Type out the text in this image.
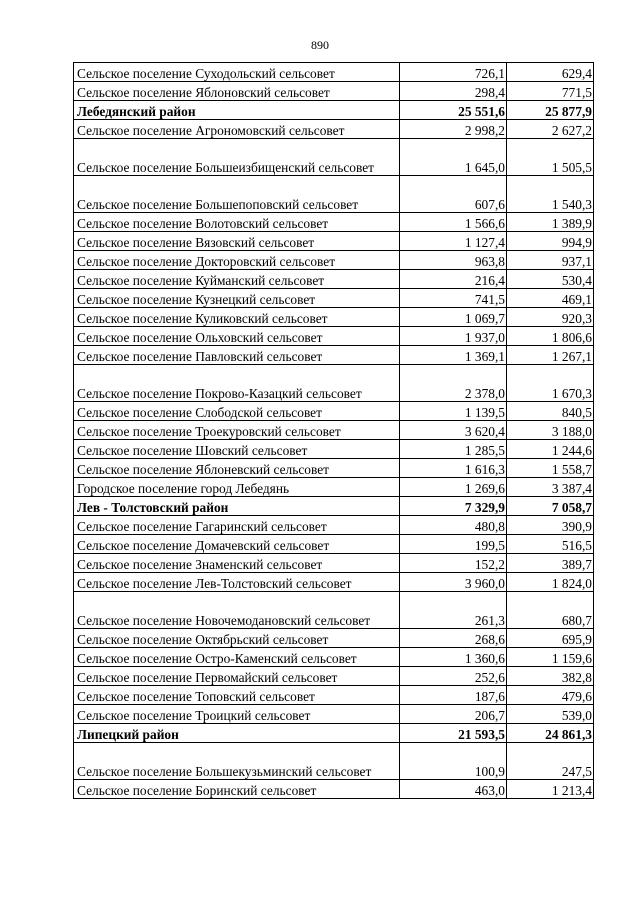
890
Сельское поселение Суходольский сельсовет	726,1	629,4
Сельское поселение Яблоновский сельсовет	298,4	771,5
Лебедянский район	25 551,6	25 877,9
Сельское поселение Агрономовский сельсовет	2 998,2	2 627,2
Сельское поселение Большеизбищенский сельсовет	1 645,0	1 505,5
Сельское поселение Большепоповский сельсовет	607,6	1 540,3
Сельское поселение Волотовский сельсовет	1 566,6	1 389,9
Сельское поселение Вязовский сельсовет	1 127,4	994,9
Сельское поселение Докторовский сельсовет	963,8	937,1
Сельское поселение Куйманский сельсовет	216,4	530,4
Сельское поселение Кузнецкий сельсовет	741,5	469,1
Сельское поселение Куликовский сельсовет	1 069,7	920,3
Сельское поселение Ольховский сельсовет	1 937,0	1 806,6
Сельское поселение Павловский сельсовет	1 369,1	1 267,1
Сельское поселение Покрово-Казацкий сельсовет	2 378,0	1 670,3
Сельское поселение Слободской сельсовет	1 139,5	840,5
Сельское поселение Троекуровский сельсовет	3 620,4	3 188,0
Сельское поселение Шовский сельсовет	1 285,5	1 244,6
Сельское поселение Яблоневский сельсовет	1 616,3	1 558,7
Городское поселение город Лебедянь	1 269,6	3 387,4
Лев - Толстовский район	7 329,9	7 058,7
Сельское поселение Гагаринский сельсовет	480,8	390,9
Сельское поселение Домачевский сельсовет	199,5	516,5
Сельское поселение Знаменский сельсовет	152,2	389,7
Сельское поселение Лев-Толстовский сельсовет	3 960,0	1 824,0
Сельское поселение Новочемодановский сельсовет	261,3	680,7
Сельское поселение Октябрьский сельсовет	268,6	695,9
Сельское поселение Остро-Каменский сельсовет	1 360,6	1 159,6
Сельское поселение Первомайский сельсовет	252,6	382,8
Сельское поселение Топовский сельсовет	187,6	479,6
Сельское поселение Троицкий сельсовет	206,7	539,0
Липецкий район	21 593,5	24 861,3
Сельское поселение Большекузьминский сельсовет	100,9	247,5
Сельское поселение Боринский сельсовет	463,0	1 213,4
